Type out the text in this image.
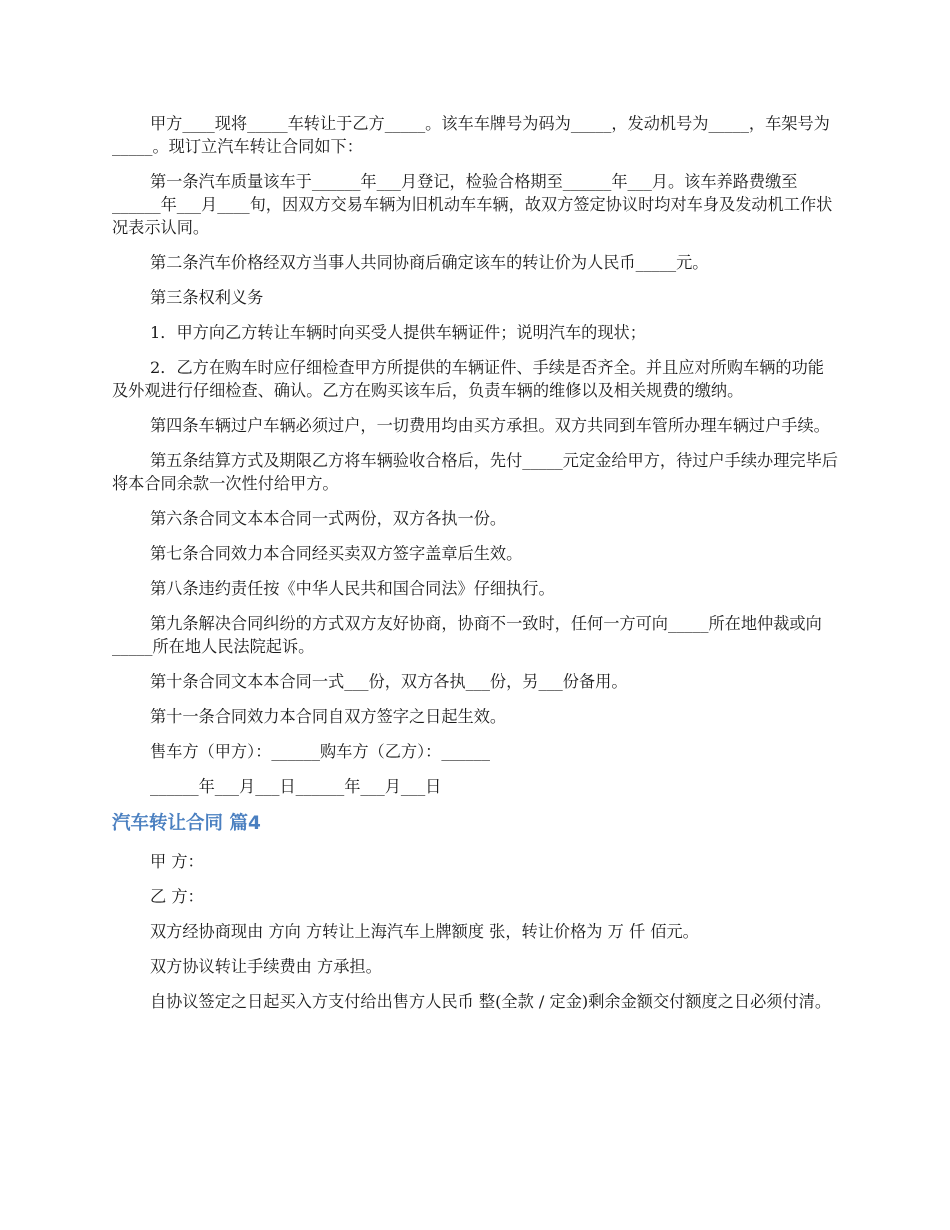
甲方____现将_____车转让于乙方_____。该车车牌号为码为_____，发动机号为_____，车架号为_____。现订立汽车转让合同如下：

第一条汽车质量该车于______年___月登记，检验合格期至______年___月。该车养路费缴至______年___月____旬，因双方交易车辆为旧机动车车辆，故双方签定协议时均对车身及发动机工作状况表示认同。

第二条汽车价格经双方当事人共同协商后确定该车的转让价为人民币_____元。

第三条权利义务

1．甲方向乙方转让车辆时向买受人提供车辆证件；说明汽车的现状；

2．乙方在购车时应仔细检查甲方所提供的车辆证件、手续是否齐全。并且应对所购车辆的功能及外观进行仔细检查、确认。乙方在购买该车后，负责车辆的维修以及相关规费的缴纳。

第四条车辆过户车辆必须过户，一切费用均由买方承担。双方共同到车管所办理车辆过户手续。

第五条结算方式及期限乙方将车辆验收合格后，先付_____元定金给甲方，待过户手续办理完毕后将本合同余款一次性付给甲方。

第六条合同文本本合同一式两份，双方各执一份。

第七条合同效力本合同经买卖双方签字盖章后生效。

第八条违约责任按《中华人民共和国合同法》仔细执行。

第九条解决合同纠纷的方式双方友好协商，协商不一致时，任何一方可向_____所在地仲裁或向_____所在地人民法院起诉。

第十条合同文本本合同一式___份，双方各执___份，另___份备用。

第十一条合同效力本合同自双方签字之日起生效。

售车方（甲方）：______购车方（乙方）：______

______年___月___日______年___月___日

汽车转让合同 篇4

甲 方：

乙 方：

双方经协商现由 方向 方转让上海汽车上牌额度 张，转让价格为 万 仟 佰元。

双方协议转让手续费由 方承担。

自协议签定之日起买入方支付给出售方人民币 整(全款 / 定金)剩余金额交付额度之日必须付清。
